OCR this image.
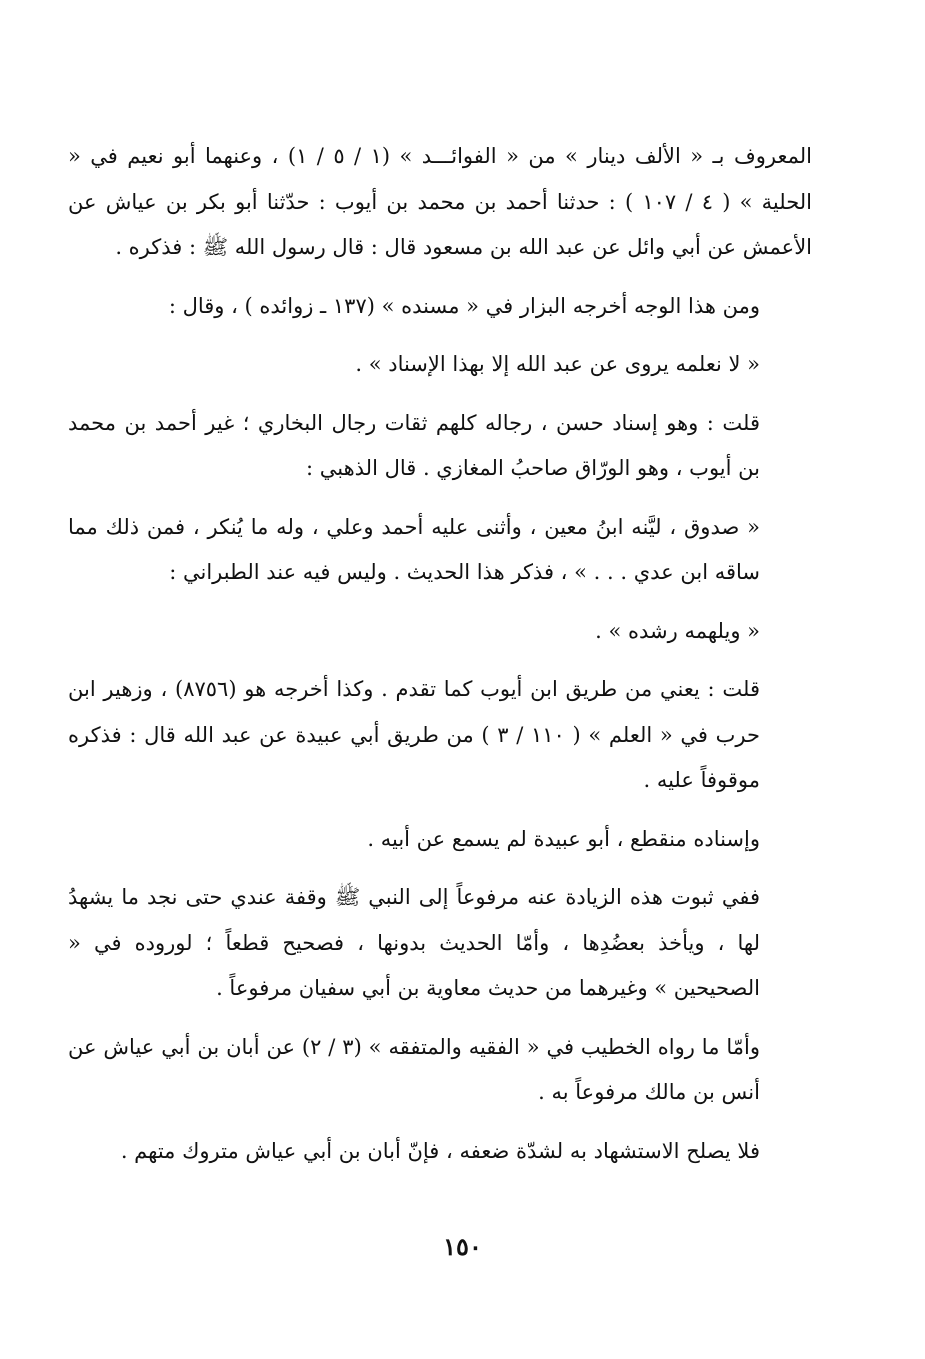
المعروف بـ « الألف دينار » من « الفوائـــد » (١ / ٥ / ١) ، وعنهما أبو نعيم في « الحلية » ( ٤ / ١٠٧ ) : حدثنا أحمد بن محمد بن أيوب : حدّثنا أبو بكر بن عياش عن الأعمش عن أبي وائل عن عبد الله بن مسعود قال : قال رسول الله ﷺ : فذكره .

ومن هذا الوجه أخرجه البزار في « مسنده » (١٣٧ ـ زوائده ) ، وقال :

« لا نعلمه يروى عن عبد الله إلا بهذا الإسناد » .

قلت : وهو إسناد حسن ، رجاله كلهم ثقات رجال البخاري ؛ غير أحمد بن محمد بن أيوب ، وهو الورّاق صاحبُ المغازي . قال الذهبي :

« صدوق ، ليَّنه ابنُ معين ، وأثنى عليه أحمد وعلي ، وله ما يُنكر ، فمن ذلك مما ساقه ابن عدي . . . » ، فذكر هذا الحديث . وليس فيه عند الطبراني :

« ويلهمه رشده » .

قلت : يعني من طريق ابن أيوب كما تقدم . وكذا أخرجه هو (٨٧٥٦) ، وزهير ابن حرب في « العلم » ( ١١٠ / ٣ ) من طريق أبي عبيدة عن عبد الله قال : فذكره موقوفاً عليه .

وإسناده منقطع ، أبو عبيدة لم يسمع عن أبيه .

ففي ثبوت هذه الزيادة عنه مرفوعاً إلى النبي ﷺ وقفة عندي حتى نجد ما يشهدُ لها ، ويأخذ بعضُدِها ، وأمّا الحديث بدونها ، فصحيح قطعاً ؛ لوروده في « الصحيحين » وغيرهما من حديث معاوية بن أبي سفيان مرفوعاً .

وأمّا ما رواه الخطيب في « الفقيه والمتفقه » (٣ / ٢) عن أبان بن أبي عياش عن أنس بن مالك مرفوعاً به .

فلا يصلح الاستشهاد به لشدّة ضعفه ، فإنّ أبان بن أبي عياش متروك متهم .

١٥٠
